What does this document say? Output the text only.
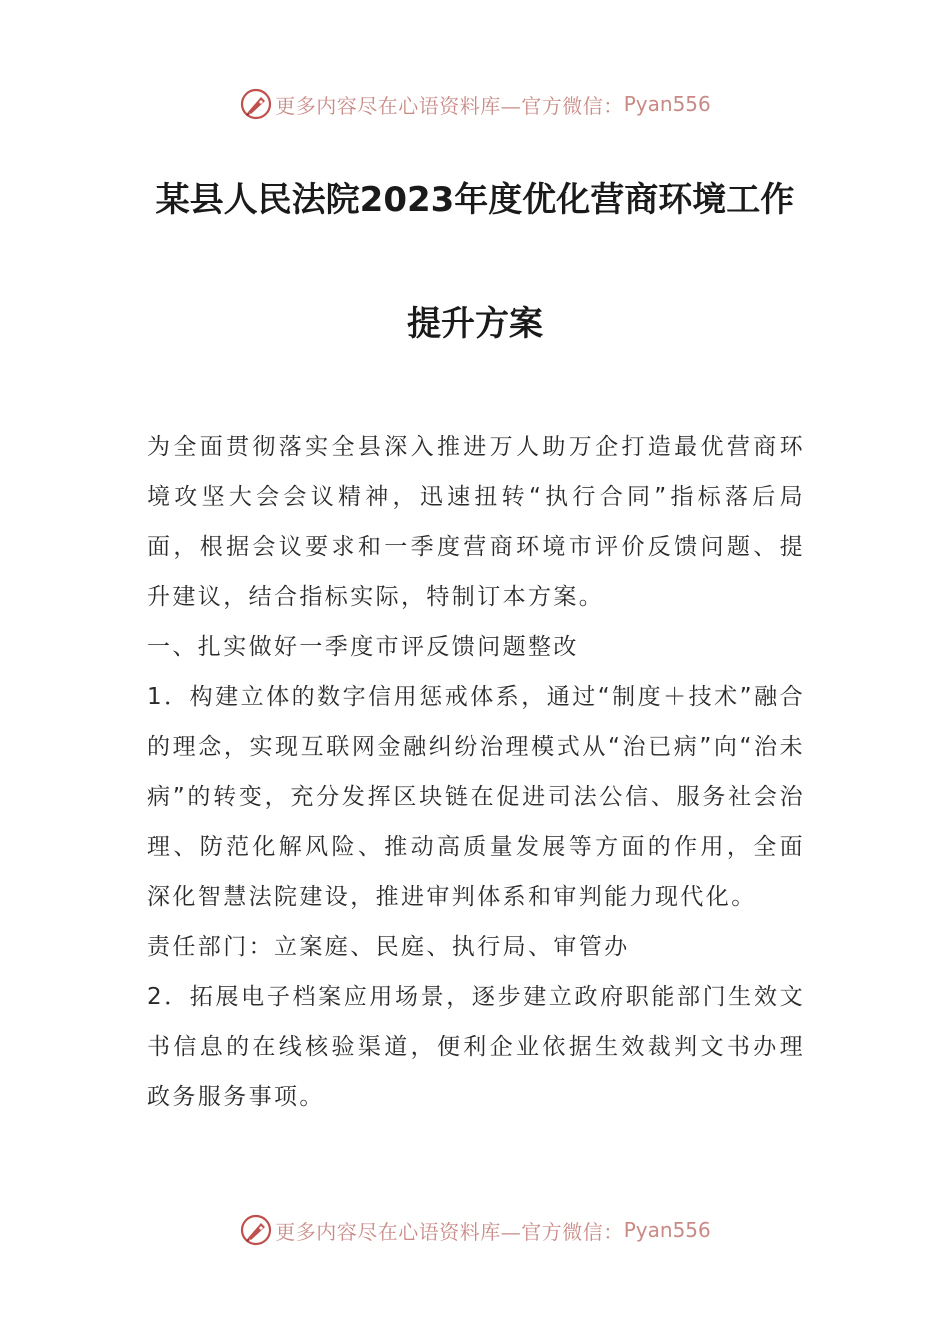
更多内容尽在心语资料库—官方微信： Pyan556
某县人民法院2023年度优化营商环境工作
提升方案

为全面贯彻落实全县深入推进万人助万企打造最优营商环境攻坚大会会议精神，迅速扭转“执行合同”指标落后局面，根据会议要求和一季度营商环境市评价反馈问题、提升建议，结合指标实际，特制订本方案。

一、扎实做好一季度市评反馈问题整改

1．构建立体的数字信用惩戒体系，通过“制度＋技术”融合的理念，实现互联网金融纠纷治理模式从“治已病”向“治未病”的转变，充分发挥区块链在促进司法公信、服务社会治理、防范化解风险、推动高质量发展等方面的作用，全面深化智慧法院建设，推进审判体系和审判能力现代化。

责任部门：立案庭、民庭、执行局、审管办

2．拓展电子档案应用场景，逐步建立政府职能部门生效文书信息的在线核验渠道，便利企业依据生效裁判文书办理政务服务事项。

更多内容尽在心语资料库—官方微信： Pyan556
